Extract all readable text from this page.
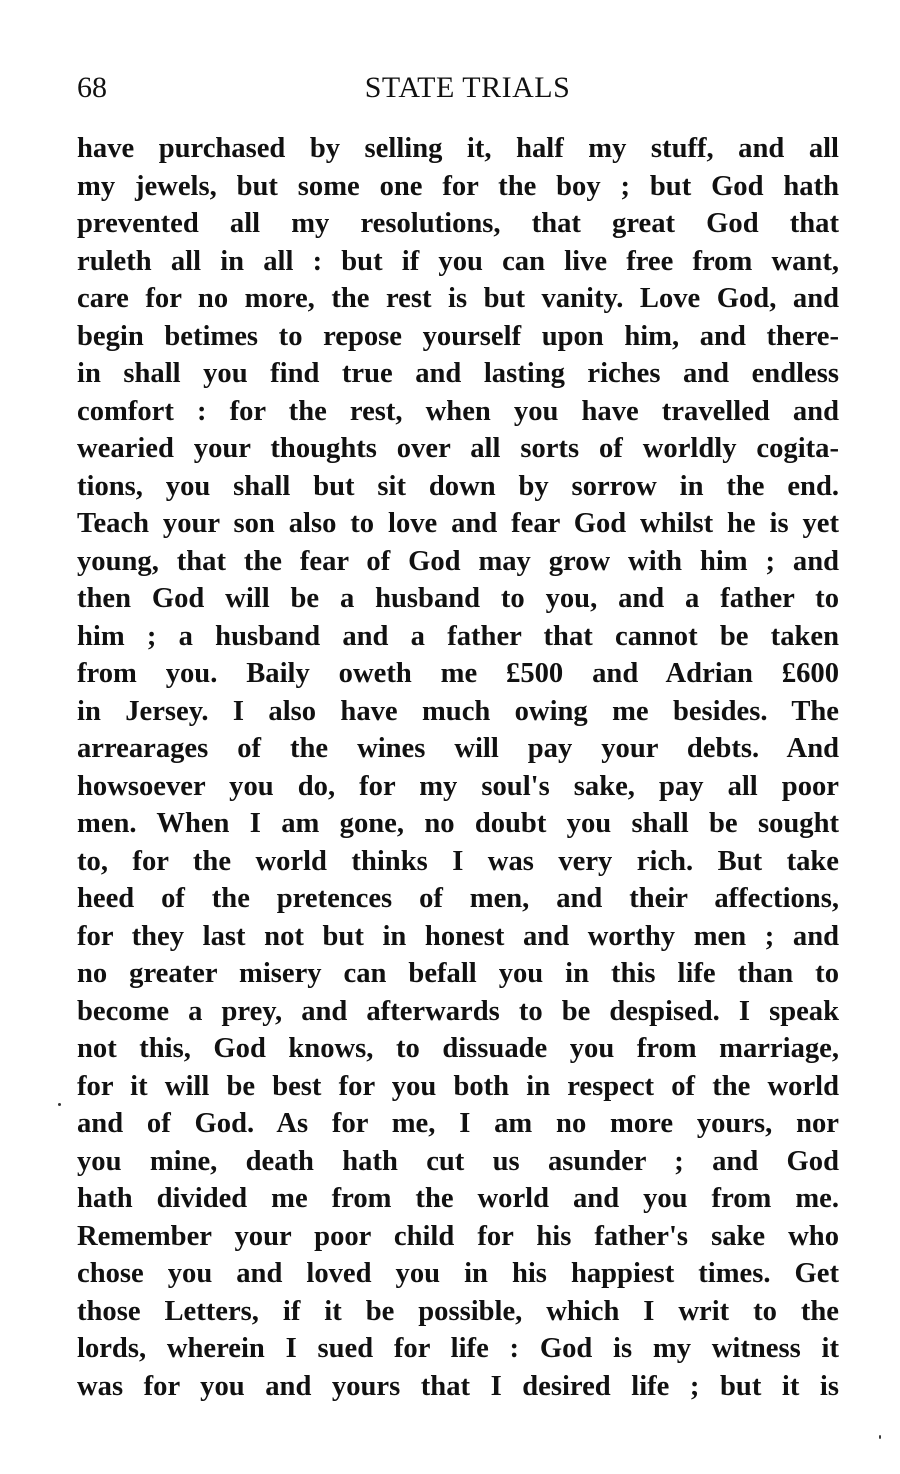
68	STATE TRIALS
have purchased by selling it, half my stuff, and all
my jewels, but some one for the boy ; but God hath
prevented all my resolutions, that great God that
ruleth all in all : but if you can live free from want,
care for no more, the rest is but vanity. Love God, and
begin betimes to repose yourself upon him, and there-
in shall you find true and lasting riches and endless
comfort : for the rest, when you have travelled and
wearied your thoughts over all sorts of worldly cogita-
tions, you shall but sit down by sorrow in the end.
Teach your son also to love and fear God whilst he is yet
young, that the fear of God may grow with him ; and
then God will be a husband to you, and a father to
him ; a husband and a father that cannot be taken
from you. Baily oweth me £500 and Adrian £600
in Jersey. I also have much owing me besides. The
arrearages of the wines will pay your debts. And
howsoever you do, for my soul's sake, pay all poor
men. When I am gone, no doubt you shall be sought
to, for the world thinks I was very rich. But take
heed of the pretences of men, and their affections,
for they last not but in honest and worthy men ; and
no greater misery can befall you in this life than to
become a prey, and afterwards to be despised. I speak
not this, God knows, to dissuade you from marriage,
for it will be best for you both in respect of the world
and of God. As for me, I am no more yours, nor
you mine, death hath cut us asunder ; and God
hath divided me from the world and you from me.
Remember your poor child for his father's sake who
chose you and loved you in his happiest times. Get
those Letters, if it be possible, which I writ to the
lords, wherein I sued for life : God is my witness it
was for you and yours that I desired life ; but it is
